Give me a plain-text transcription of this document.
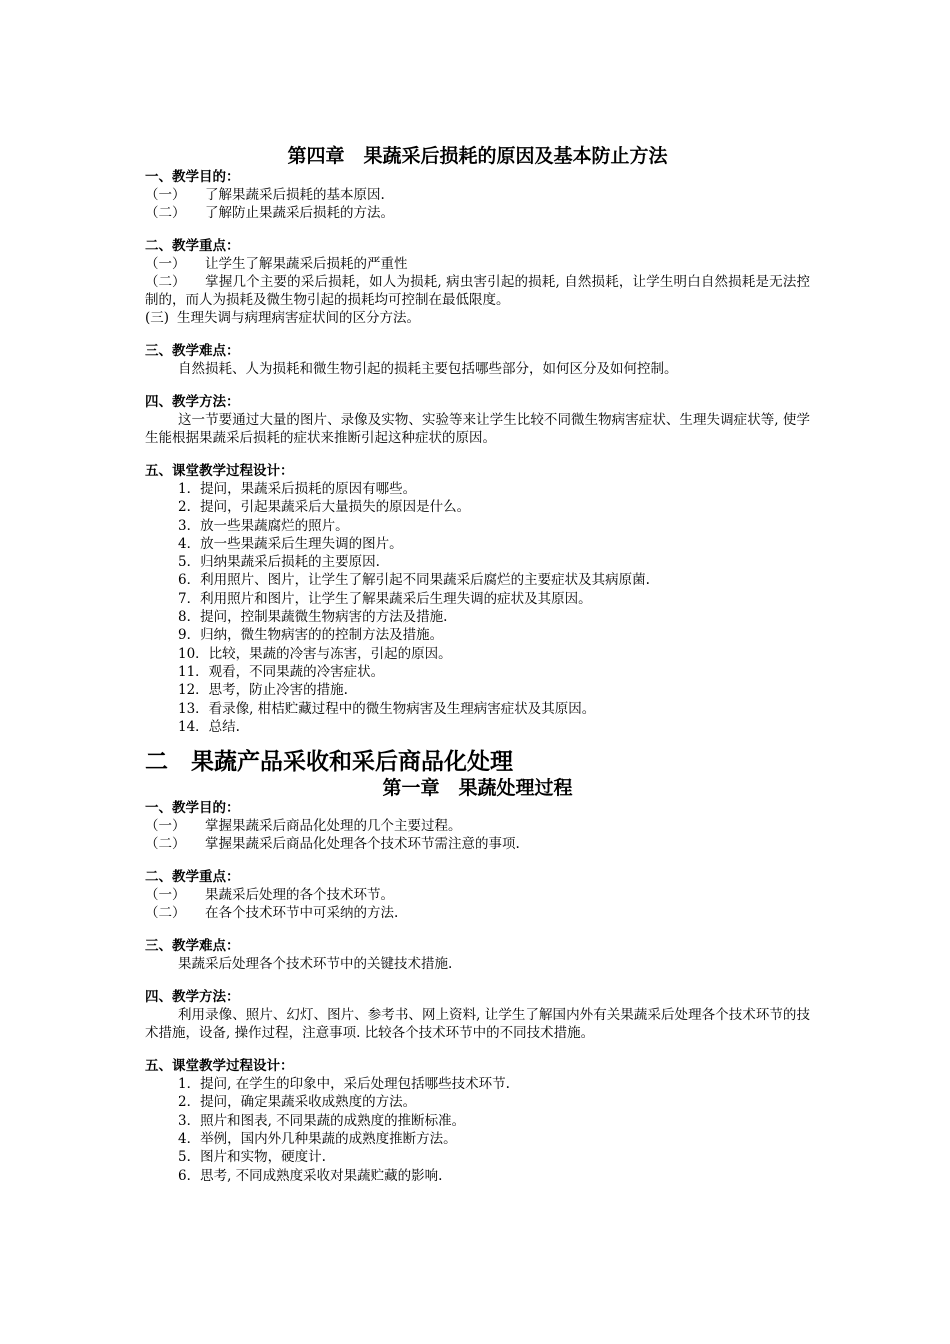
第四章　果蔬采后损耗的原因及基本防止方法

一、教学目的：

（一） 了解果蔬采后损耗的基本原因.

（二） 了解防止果蔬采后损耗的方法。

二、教学重点：

（一） 让学生了解果蔬采后损耗的严重性

（二） 掌握几个主要的采后损耗，如人为损耗, 病虫害引起的损耗, 自然损耗，让学生明白自然损耗是无法控制的，而人为损耗及微生物引起的损耗均可控制在最低限度。

(三) 生理失调与病理病害症状间的区分方法。

三、教学难点：

自然损耗、人为损耗和微生物引起的损耗主要包括哪些部分，如何区分及如何控制。

四、教学方法：

这一节要通过大量的图片、录像及实物、实验等来让学生比较不同微生物病害症状、生理失调症状等, 使学生能根据果蔬采后损耗的症状来推断引起这种症状的原因。

五、课堂教学过程设计：

1．提问，果蔬采后损耗的原因有哪些。

2．提问，引起果蔬采后大量损失的原因是什么。

3．放一些果蔬腐烂的照片。

4．放一些果蔬采后生理失调的图片。

5．归纳果蔬采后损耗的主要原因.

6．利用照片、图片，让学生了解引起不同果蔬采后腐烂的主要症状及其病原菌.

7．利用照片和图片，让学生了解果蔬采后生理失调的症状及其原因。

8．提问，控制果蔬微生物病害的方法及措施.

9．归纳，微生物病害的的控制方法及措施。

10．比较，果蔬的冷害与冻害，引起的原因。

11．观看，不同果蔬的冷害症状。

12．思考，防止冷害的措施.

13．看录像, 柑桔贮藏过程中的微生物病害及生理病害症状及其原因。

14．总结.

二　果蔬产品采收和采后商品化处理
第一章　果蔬处理过程

一、教学目的：

（一） 掌握果蔬采后商品化处理的几个主要过程。

（二） 掌握果蔬采后商品化处理各个技术环节需注意的事项.

二、教学重点：

（一） 果蔬采后处理的各个技术环节。

（二） 在各个技术环节中可采纳的方法.

三、教学难点：

果蔬采后处理各个技术环节中的关键技术措施.

四、教学方法：

利用录像、照片、幻灯、图片、参考书、网上资料, 让学生了解国内外有关果蔬采后处理各个技术环节的技术措施，设备, 操作过程，注意事项. 比较各个技术环节中的不同技术措施。

五、课堂教学过程设计：

1．提问, 在学生的印象中，采后处理包括哪些技术环节.

2．提问，确定果蔬采收成熟度的方法。

3．照片和图表, 不同果蔬的成熟度的推断标准。

4．举例，国内外几种果蔬的成熟度推断方法。

5．图片和实物，硬度计.

6．思考, 不同成熟度采收对果蔬贮藏的影响.
